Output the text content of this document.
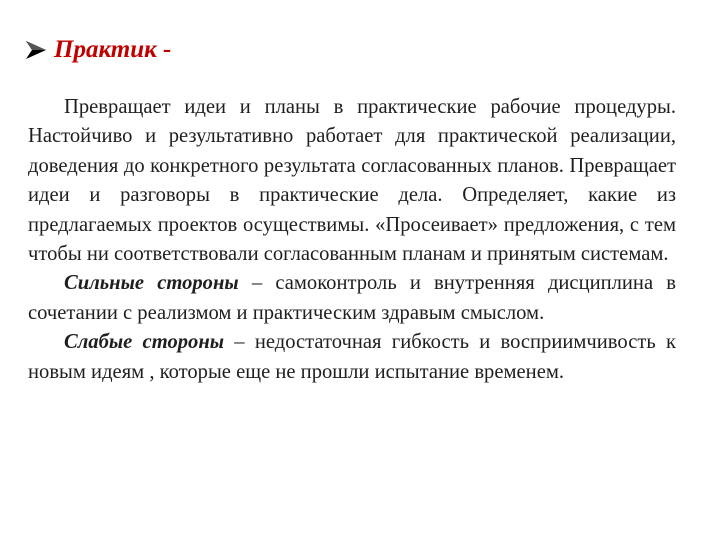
Практик -

Превращает идеи и планы в практические рабочие процедуры. Настойчиво и результативно работает для практической реализации, доведения до конкретного результата согласованных планов. Превращает идеи и разговоры в практические дела. Определяет, какие из предлагаемых проектов осуществимы. «Просеивает» предложения, с тем чтобы ни соответствовали согласованным планам и принятым системам.

Сильные стороны – самоконтроль и внутренняя дисциплина в сочетании с реализмом и практическим здравым смыслом.

Слабые стороны – недостаточная гибкость и восприимчивость к новым идеям , которые еще не прошли испытание временем.
